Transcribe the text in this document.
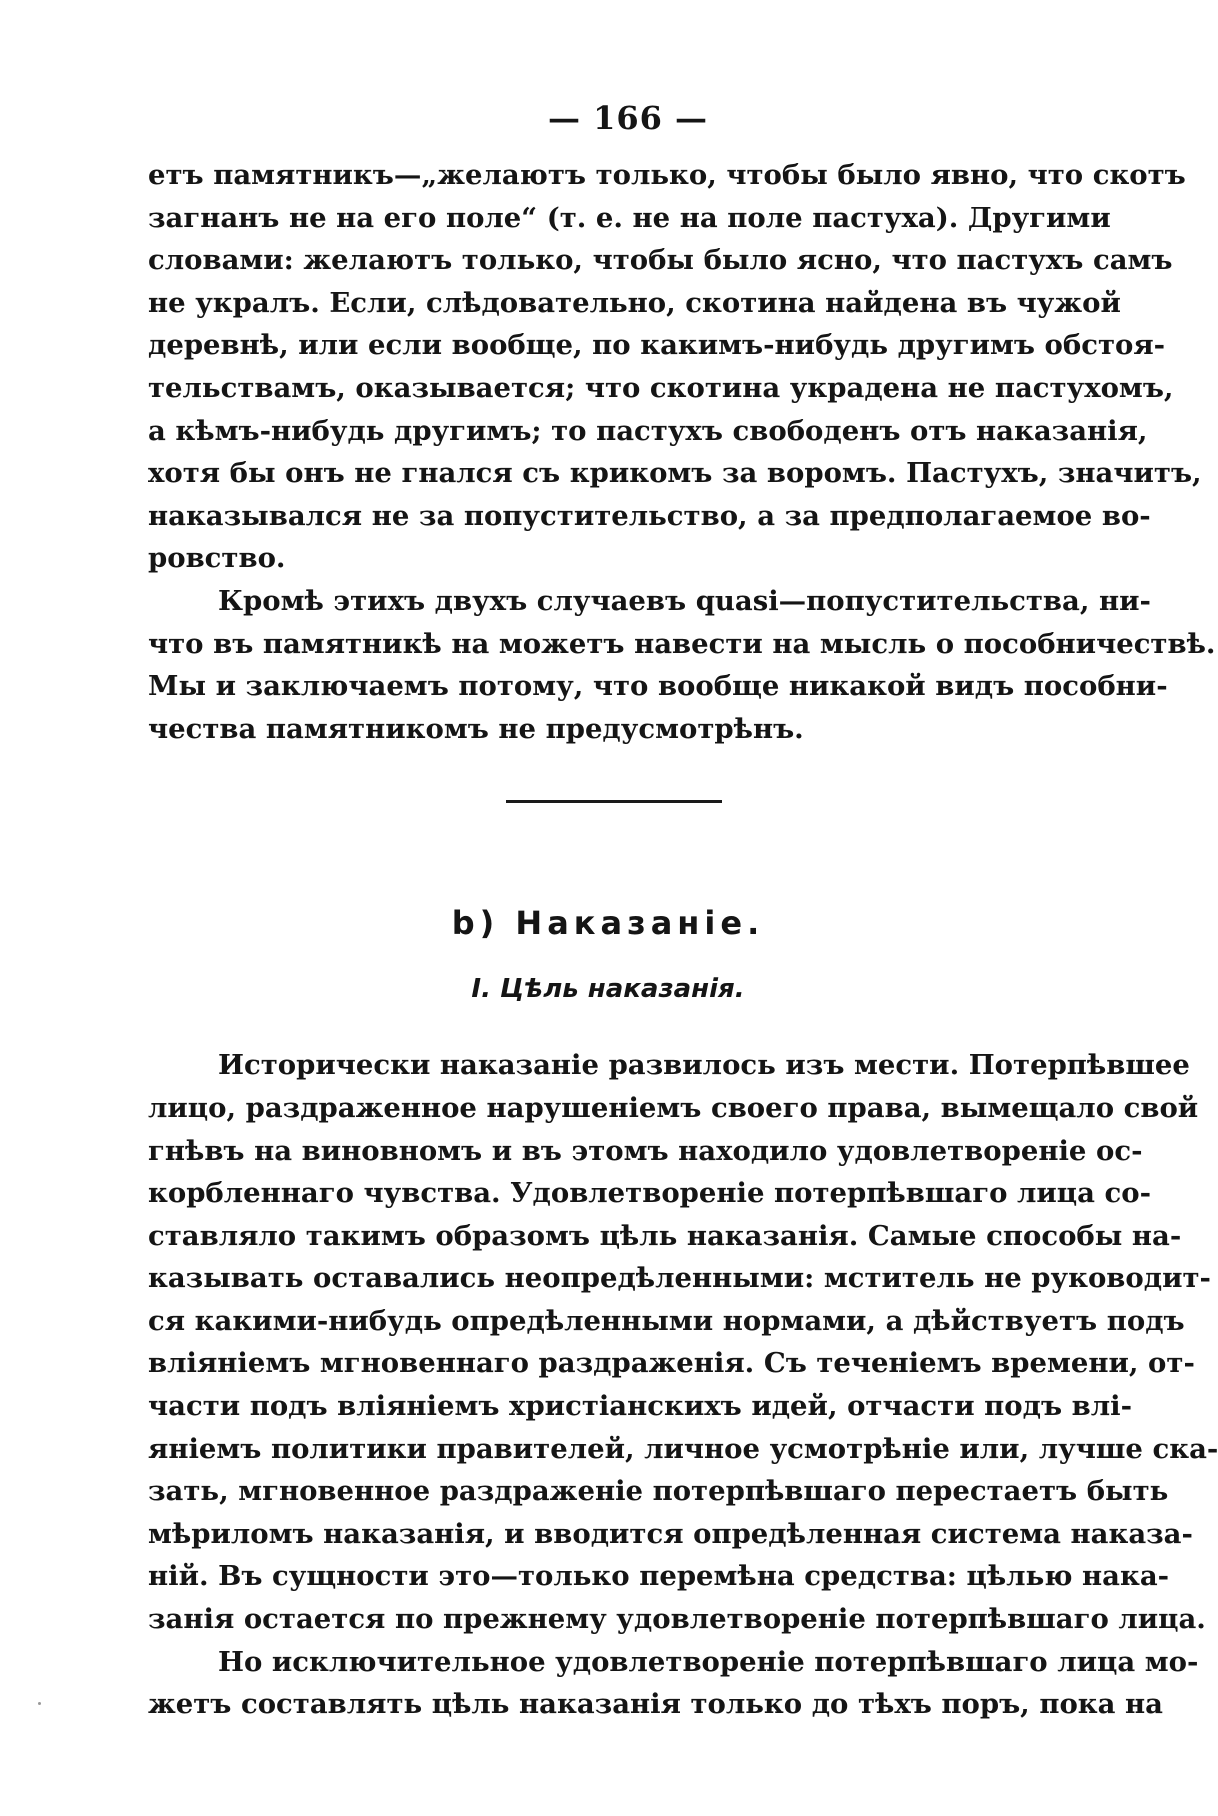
— 166 —
етъ памятникъ—„желаютъ только, чтобы было явно, что скотъ
загнанъ не на его поле“ (т. е. не на поле пастуха). Другими
словами: желаютъ только, чтобы было ясно, что пастухъ самъ
не укралъ. Если, слѣдовательно, скотина найдена въ чужой
деревнѣ, или если вообще, по какимъ-нибудь другимъ обстоя-
тельствамъ, оказывается; что скотина украдена не пастухомъ,
а кѣмъ-нибудь другимъ; то пастухъ свободенъ отъ наказанія,
хотя бы онъ не гнался съ крикомъ за воромъ. Пастухъ, значитъ,
наказывался не за попустительство, а за предполагаемое во-
ровство.
Кромѣ этихъ двухъ случаевъ quasi—попустительства, ни-
что въ памятникѣ на можетъ навести на мысль о пособничествѣ.
Мы и заключаемъ потому, что вообще никакой видъ пособни-
чества памятникомъ не предусмотрѣнъ.
b) Наказаніе.
I. Цѣль наказанія.
Исторически наказаніе развилось изъ мести. Потерпѣвшее
лицо, раздраженное нарушеніемъ своего права, вымещало свой
гнѣвъ на виновномъ и въ этомъ находило удовлетвореніе ос-
корбленнаго чувства. Удовлетвореніе потерпѣвшаго лица со-
ставляло такимъ образомъ цѣль наказанія. Самые способы на-
казывать оставались неопредѣленными: мститель не руководит-
ся какими-нибудь опредѣленными нормами, а дѣйствуетъ подъ
вліяніемъ мгновеннаго раздраженія. Съ теченіемъ времени, от-
части подъ вліяніемъ христіанскихъ идей, отчасти подъ влі-
яніемъ политики правителей, личное усмотрѣніе или, лучше ска-
зать, мгновенное раздраженіе потерпѣвшаго перестаетъ быть
мѣриломъ наказанія, и вводится опредѣленная система наказа-
ній. Въ сущности это—только перемѣна средства: цѣлью нака-
занія остается по прежнему удовлетвореніе потерпѣвшаго лица.
Но исключительное удовлетвореніе потерпѣвшаго лица мо-
жетъ составлять цѣль наказанія только до тѣхъ поръ, пока на
